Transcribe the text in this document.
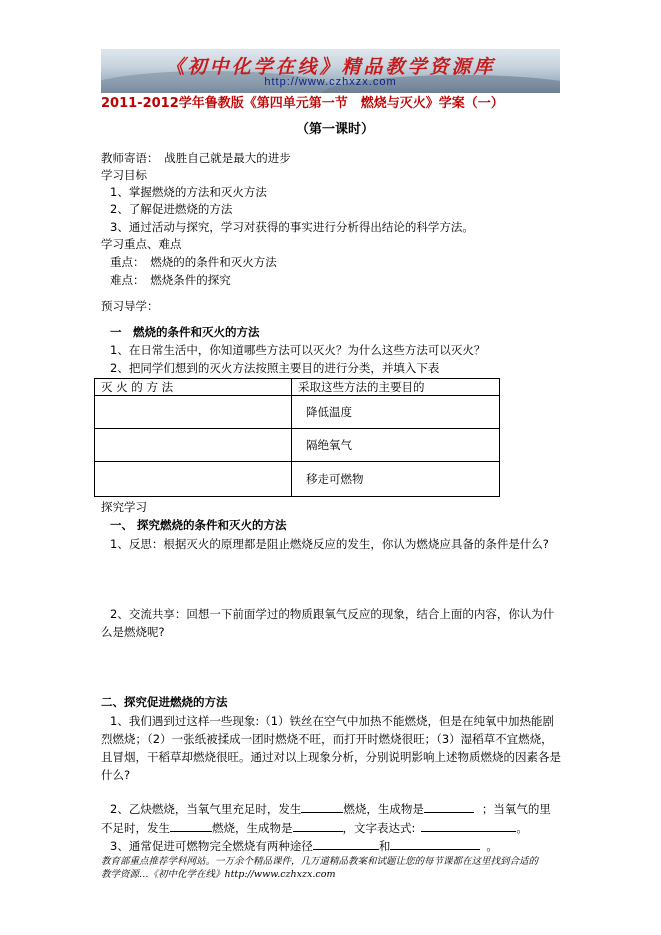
《初中化学在线》精品教学资源库
http://www.czhxzx.com
2011-2012学年鲁教版《第四单元第一节　燃烧与灭火》学案（一）
（第一课时）
教师寄语：　战胜自己就是最大的进步
学习目标
1、掌握燃烧的方法和灭火方法
2、了解促进燃烧的方法
3、通过活动与探究，学习对获得的事实进行分析得出结论的科学方法。
学习重点、难点
重点：　燃烧的的条件和灭火方法
难点：　燃烧条件的探究
预习导学：
一　燃烧的条件和灭火的方法
1、在日常生活中，你知道哪些方法可以灭火？为什么这些方法可以灭火？
2、把同学们想到的灭火方法按照主要目的进行分类，并填入下表
灭 火 的 方 法	采取这些方法的主要目的
	降低温度
	隔绝氧气
	移走可燃物
探究学习
一、 探究燃烧的条件和灭火的方法
1、反思：根据灭火的原理都是阻止燃烧反应的发生，你认为燃烧应具备的条件是什么?
2、交流共享：回想一下前面学过的物质跟氧气反应的现象，结合上面的内容，你认为什
么是燃烧呢?
二、探究促进燃烧的方法
1、我们遇到过这样一些现象:（1）铁丝在空气中加热不能燃烧，但是在纯氧中加热能剧
烈燃烧；（2）一张纸被揉成一团时燃烧不旺，而打开时燃烧很旺；（3）湿稻草不宜燃烧，
且冒烟，干稻草却燃烧很旺。通过对以上现象分析，分别说明影响上述物质燃烧的因素各是
什么?
2、乙炔燃烧，当氧气里充足时，发生	燃烧，生成物是	；当氧气的里
不足时，发生	燃烧，生成物是	，文字表达式:	。
3、通常促进可燃物完全燃烧有两种途径	和	。
教育部重点推荐学科网站。一万余个精品课件，几万道精品教案和试题让您的每节课都在这里找到合适的
教学资源…《初中化学在线》http://www.czhxzx.com
